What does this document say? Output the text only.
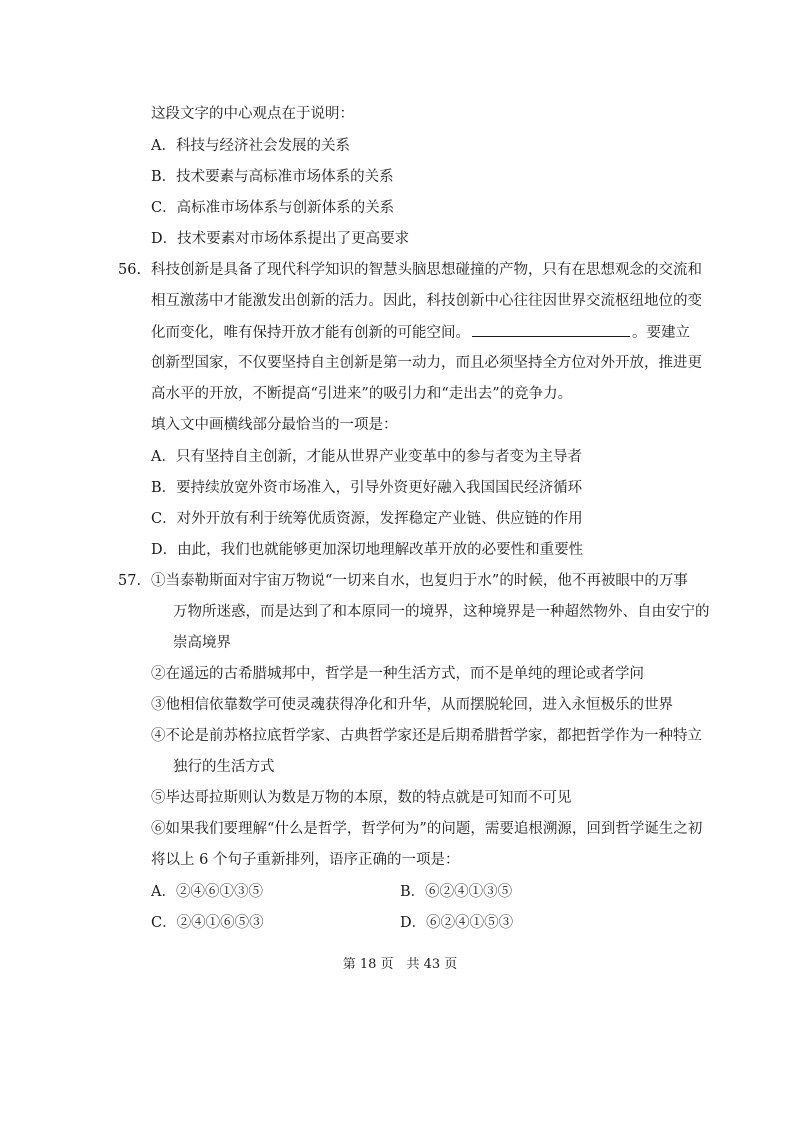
这段文字的中心观点在于说明：
A．科技与经济社会发展的关系
B．技术要素与高标准市场体系的关系
C．高标准市场体系与创新体系的关系
D．技术要素对市场体系提出了更高要求
56. 科技创新是具备了现代科学知识的智慧头脑思想碰撞的产物，只有在思想观念的交流和
相互激荡中才能激发出创新的活力。因此，科技创新中心往往因世界交流枢纽地位的变
化而变化，唯有保持开放才能有创新的可能空间。	。要建立
创新型国家，不仅要坚持自主创新是第一动力，而且必须坚持全方位对外开放，推进更
高水平的开放，不断提高“引进来”的吸引力和“走出去”的竞争力。
填入文中画横线部分最恰当的一项是：
A．只有坚持自主创新，才能从世界产业变革中的参与者变为主导者
B．要持续放宽外资市场准入，引导外资更好融入我国国民经济循环
C．对外开放有利于统筹优质资源，发挥稳定产业链、供应链的作用
D．由此，我们也就能够更加深切地理解改革开放的必要性和重要性
57. ①当泰勒斯面对宇宙万物说“一切来自水，也复归于水”的时候，他不再被眼中的万事
万物所迷惑，而是达到了和本原同一的境界，这种境界是一种超然物外、自由安宁的
崇高境界
②在遥远的古希腊城邦中，哲学是一种生活方式，而不是单纯的理论或者学问
③他相信依靠数学可使灵魂获得净化和升华，从而摆脱轮回，进入永恒极乐的世界
④不论是前苏格拉底哲学家、古典哲学家还是后期希腊哲学家，都把哲学作为一种特立
独行的生活方式
⑤毕达哥拉斯则认为数是万物的本原，数的特点就是可知而不可见
⑥如果我们要理解“什么是哲学，哲学何为”的问题，需要追根溯源，回到哲学诞生之初
将以上 6 个句子重新排列，语序正确的一项是：
A．②④⑥①③⑤	B．⑥②④①③⑤
C．②④①⑥⑤③	D．⑥②④①⑤③
第 18 页　共 43 页
